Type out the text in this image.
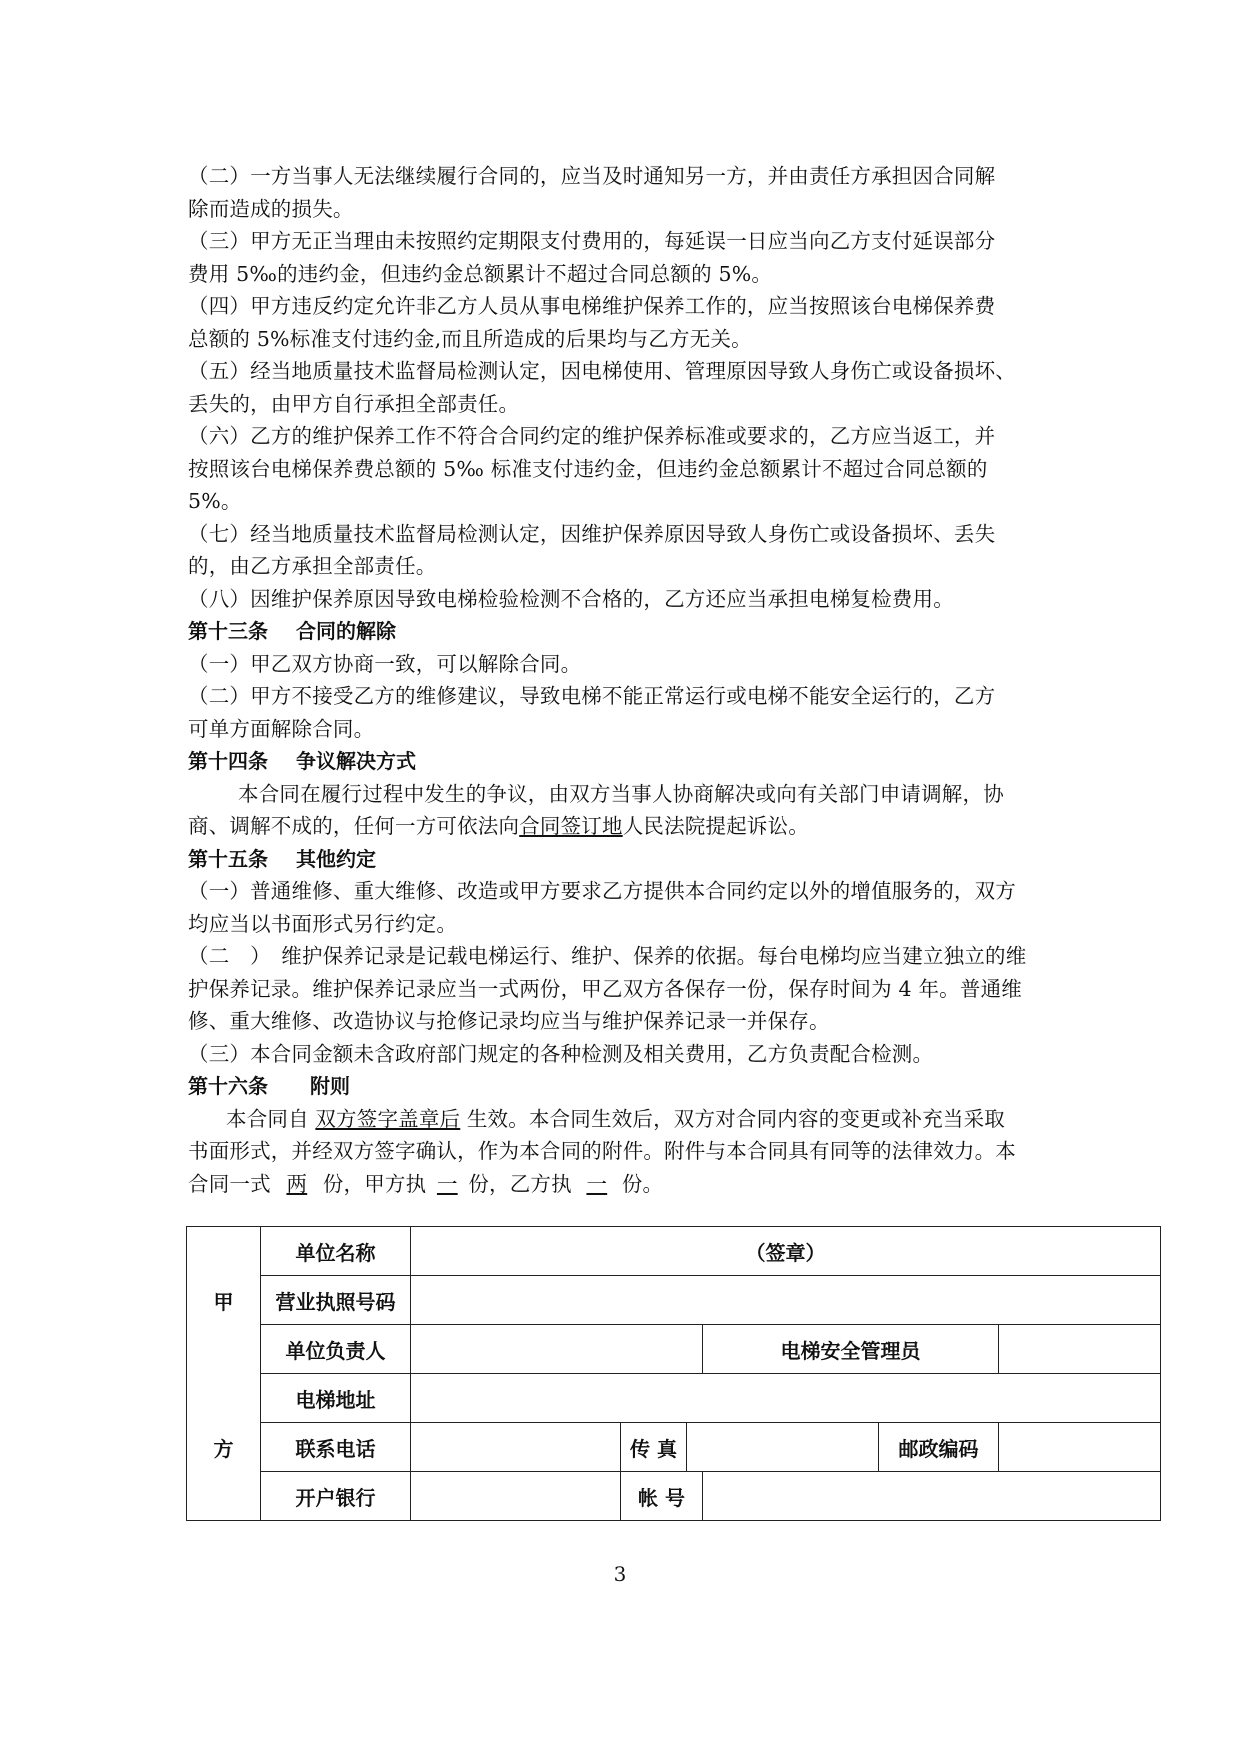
（二）一方当事人无法继续履行合同的，应当及时通知另一方，并由责任方承担因合同解
除而造成的损失。
（三）甲方无正当理由未按照约定期限支付费用的，每延误一日应当向乙方支付延误部分
费用 5‰的违约金，但违约金总额累计不超过合同总额的 5%。
（四）甲方违反约定允许非乙方人员从事电梯维护保养工作的，应当按照该台电梯保养费
总额的 5%标准支付违约金,而且所造成的后果均与乙方无关。
（五）经当地质量技术监督局检测认定，因电梯使用、管理原因导致人身伤亡或设备损坏、
丢失的，由甲方自行承担全部责任。
（六）乙方的维护保养工作不符合合同约定的维护保养标准或要求的，乙方应当返工，并
按照该台电梯保养费总额的 5‰ 标准支付违约金，但违约金总额累计不超过合同总额的
5%。
（七）经当地质量技术监督局检测认定，因维护保养原因导致人身伤亡或设备损坏、丢失
的，由乙方承担全部责任。
（八）因维护保养原因导致电梯检验检测不合格的，乙方还应当承担电梯复检费用。
第十三条 合同的解除
（一）甲乙双方协商一致，可以解除合同。
（二）甲方不接受乙方的维修建议，导致电梯不能正常运行或电梯不能安全运行的，乙方
可单方面解除合同。
第十四条 争议解决方式
本合同在履行过程中发生的争议，由双方当事人协商解决或向有关部门申请调解，协
商、调解不成的，任何一方可依法向合同签订地人民法院提起诉讼。
第十五条 其他约定
（一）普通维修、重大维修、改造或甲方要求乙方提供本合同约定以外的增值服务的，双方
均应当以书面形式另行约定。
（二　）　维护保养记录是记载电梯运行、维护、保养的依据。每台电梯均应当建立独立的维
护保养记录。维护保养记录应当一式两份，甲乙双方各保存一份，保存时间为 4 年。普通维
修、重大维修、改造协议与抢修记录均应当与维护保养记录一并保存。
（三）本合同金额未含政府部门规定的各种检测及相关费用，乙方负责配合检测。
第十六条 附则
本合同自 双方签字盖章后 生效。本合同生效后，双方对合同内容的变更或补充当采取
书面形式，并经双方签字确认，作为本合同的附件。附件与本合同具有同等的法律效力。本
合同一式 两 份，甲方执 一 份，乙方执 一 份。
	单位名称	（签章）					
甲	营业执照号码						
	单位负责人				电梯安全管理员		
	电梯地址						
方	联系电话		传 真			邮政编码	
	开户银行		帐 号				
3
